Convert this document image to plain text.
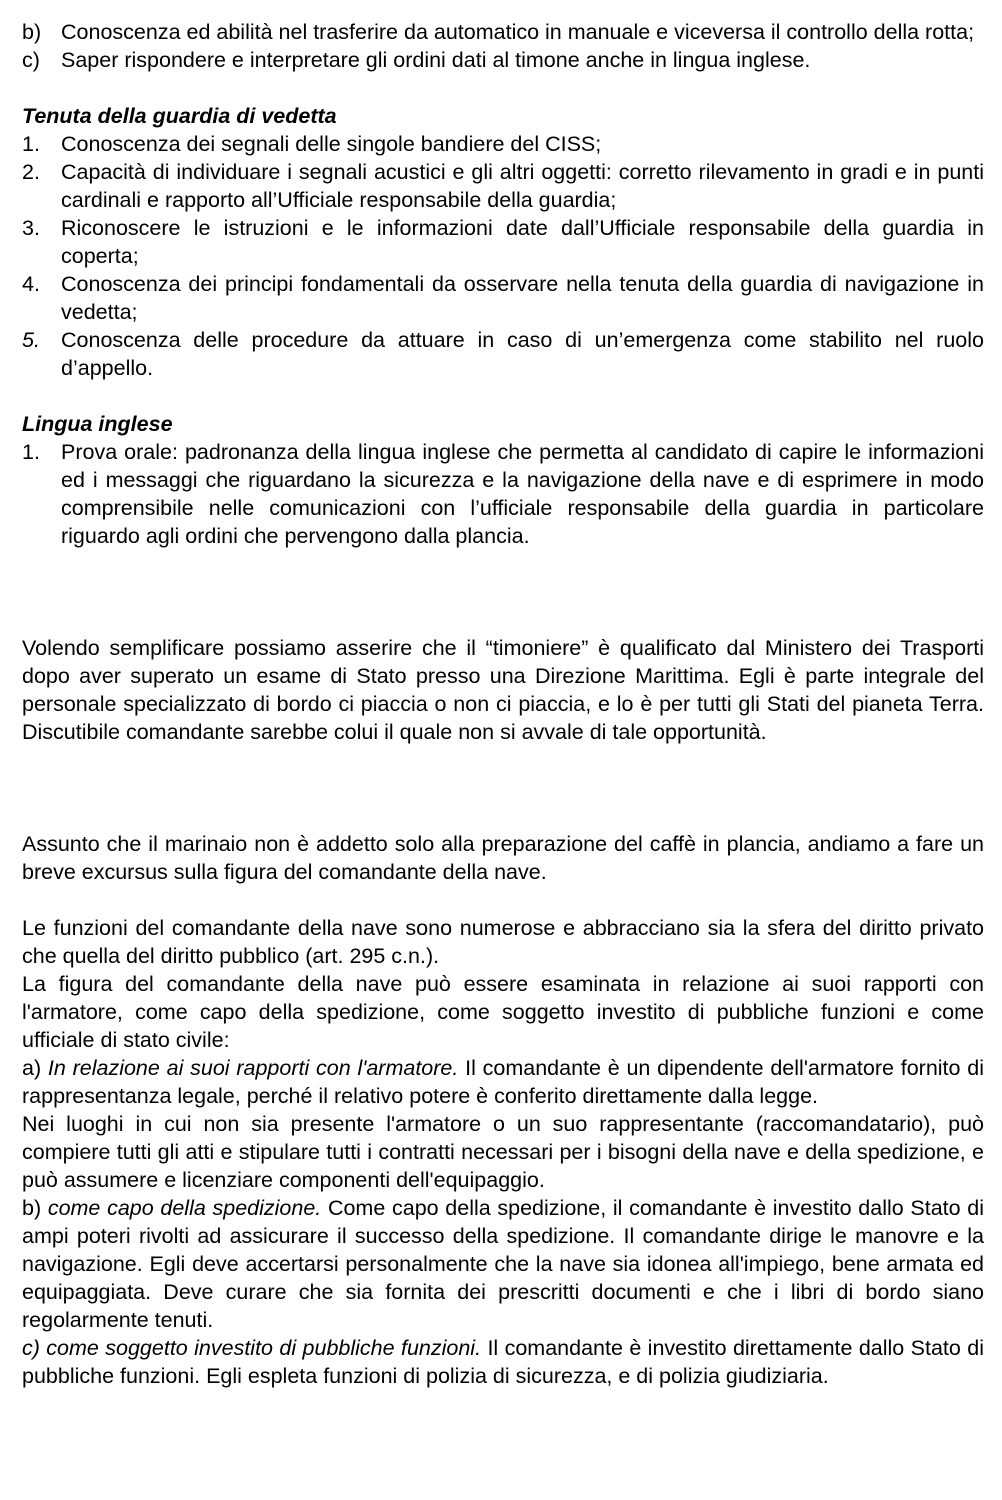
b) Conoscenza ed abilità nel trasferire da automatico in manuale e viceversa il controllo della rotta;
c) Saper rispondere e interpretare gli ordini dati al timone anche in lingua inglese.

Tenuta della guardia di vedetta

1. Conoscenza dei segnali delle singole bandiere del CISS;
2. Capacità di individuare i segnali acustici e gli altri oggetti: corretto rilevamento in gradi e in punti cardinali e rapporto all’Ufficiale responsabile della guardia;
3. Riconoscere le istruzioni e le informazioni date dall’Ufficiale responsabile della guardia in coperta;
4. Conoscenza dei principi fondamentali da osservare nella tenuta della guardia di navigazione in vedetta;
5. Conoscenza delle procedure da attuare in caso di un’emergenza come stabilito nel ruolo d’appello.

Lingua inglese

1. Prova orale: padronanza della lingua inglese che permetta al candidato di capire le informazioni ed i messaggi che riguardano la sicurezza e la navigazione della nave e di esprimere in modo comprensibile nelle comunicazioni con l’ufficiale responsabile della guardia in particolare riguardo agli ordini che pervengono dalla plancia.

Volendo semplificare possiamo asserire che il “timoniere” è qualificato dal Ministero dei Trasporti dopo aver superato un esame di Stato presso una Direzione Marittima. Egli è parte integrale del personale specializzato di bordo ci piaccia o non ci piaccia, e lo è per tutti gli Stati del pianeta Terra. Discutibile comandante sarebbe colui il quale non si avvale di tale opportunità.

Assunto che il marinaio non è addetto solo alla preparazione del caffè in plancia, andiamo a fare un breve excursus sulla figura del comandante della nave.

Le funzioni del comandante della nave sono numerose e abbracciano sia la sfera del diritto privato che quella del diritto pubblico (art. 295 c.n.).

La figura del comandante della nave può essere esaminata in relazione ai suoi rapporti con l'armatore, come capo della spedizione, come soggetto investito di pubbliche funzioni e come ufficiale di stato civile:

a) In relazione ai suoi rapporti con l'armatore. Il comandante è un dipendente dell'armatore fornito di rappresentanza legale, perché il relativo potere è conferito direttamente dalla legge.

Nei luoghi in cui non sia presente l'armatore o un suo rappresentante (raccomandatario), può compiere tutti gli atti e stipulare tutti i contratti necessari per i bisogni della nave e della spedizione, e può assumere e licenziare componenti dell'equipaggio.

b) come capo della spedizione. Come capo della spedizione, il comandante è investito dallo Stato di ampi poteri rivolti ad assicurare il successo della spedizione. Il comandante dirige le manovre e la navigazione. Egli deve accertarsi personalmente che la nave sia idonea all'impiego, bene armata ed equipaggiata. Deve curare che sia fornita dei prescritti documenti e che i libri di bordo siano regolarmente tenuti.

c) come soggetto investito di pubbliche funzioni. Il comandante è investito direttamente dallo Stato di pubbliche funzioni. Egli espleta funzioni di polizia di sicurezza, e di polizia giudiziaria.
